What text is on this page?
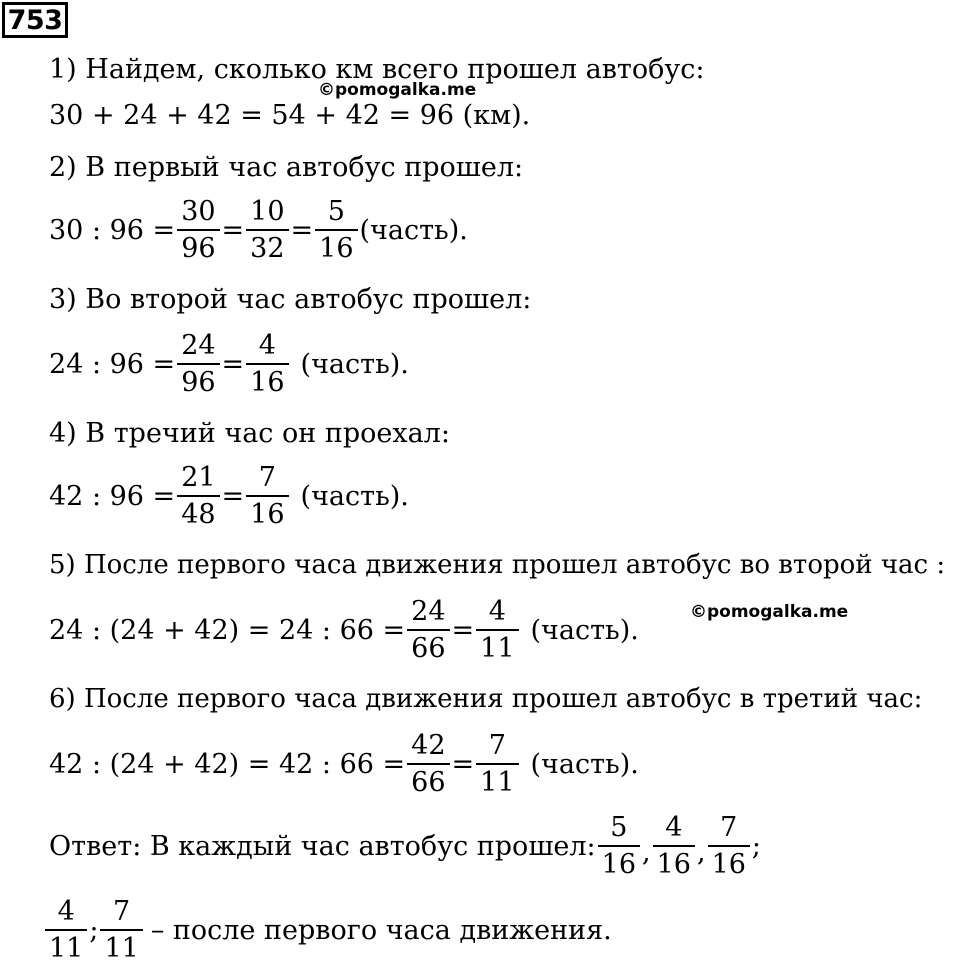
753
1) Найдем, сколько км всего прошел автобус:
©pomogalka.me
30 + 24 + 42 = 54 + 42 = 96 (км).
2) В первый час автобус прошел:
30 : $96 = \frac{30}{96} = \frac{10}{32} = \frac{5}{16}$ (часть).
3) Во второй час автобус прошел:
24 : $96 = \frac{24}{96} = \frac{4}{16}$ (часть).
4) В тречий час он проехал:
42 : $96 = \frac{21}{48} = \frac{7}{16}$ (часть).
5) После первого часа движения прошел автобус во второй час :
©pomogalka.me
24 : (24 + 42) = 24 : $66 = \frac{24}{66} = \frac{4}{11}$ (часть).
6) После первого часа движения прошел автобус в третий час:
42 : (24 + 42) = 42 : $66 = \frac{42}{66} = \frac{7}{11}$ (часть).
Ответ: В каждый час автобус прошел: $\frac{5}{16}$ , $\frac{4}{16}$ , $\frac{7}{16}$ ;
$\frac{4}{11}$ ; $\frac{7}{11}$ – после первого часа движения.
